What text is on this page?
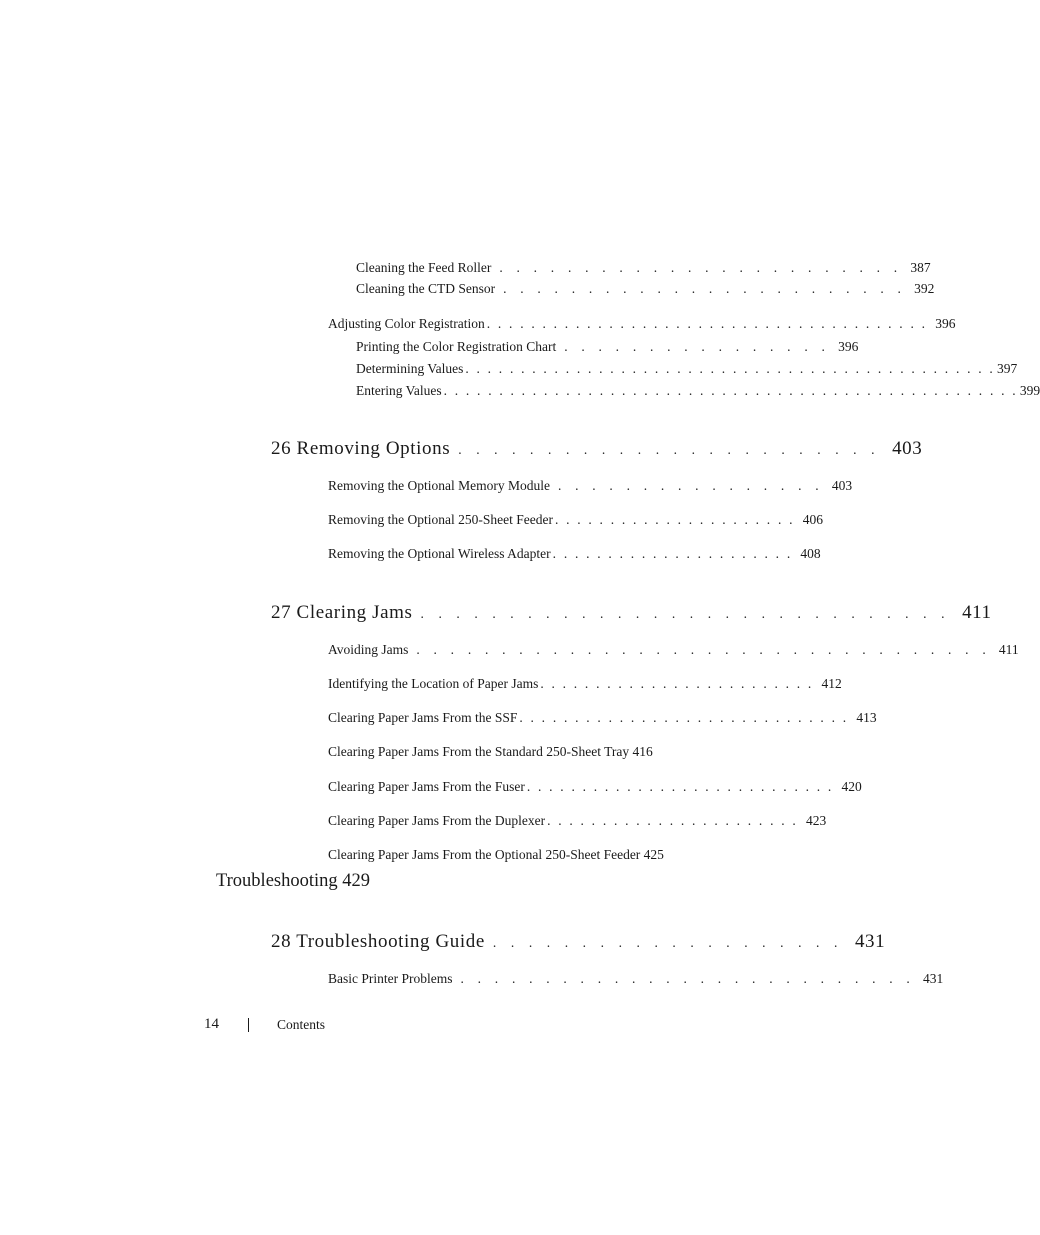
Cleaning the Feed Roller . . . . . . . . . . . . . . . . . . . . . . . . 387
Cleaning the CTD Sensor . . . . . . . . . . . . . . . . . . . . . . . . 392
Adjusting Color Registration . . . . . . . . . . . . . . . . . . . . . . . . . . . . . . . . . . . . . . . . 396
Printing the Color Registration Chart . . . . . . . . . . . . . . . . 396
Determining Values . . . . . . . . . . . . . . . . . . . . . . . . . . . . . . . . . . . . . . . . . . . . . . . . 397
Entering Values . . . . . . . . . . . . . . . . . . . . . . . . . . . . . . . . . . . . . . . . . . . . . . . . . . . . 399
26 Removing Options . . . . . . . . . . . . . . . . . . . . . . . . 403
Removing the Optional Memory Module . . . . . . . . . . . . . . . . 403
Removing the Optional 250-Sheet Feeder . . . . . . . . . . . . . . . . . . . . . . 406
Removing the Optional Wireless Adapter . . . . . . . . . . . . . . . . . . . . . . 408
27 Clearing Jams . . . . . . . . . . . . . . . . . . . . . . . . . . . . . . 411
Avoiding Jams . . . . . . . . . . . . . . . . . . . . . . . . . . . . . . . . . . 411
Identifying the Location of Paper Jams . . . . . . . . . . . . . . . . . . . . . . . . . 412
Clearing Paper Jams From the SSF . . . . . . . . . . . . . . . . . . . . . . . . . . . . . . 413
Clearing Paper Jams From the Standard 250-Sheet Tray 416
Clearing Paper Jams From the Fuser . . . . . . . . . . . . . . . . . . . . . . . . . . . . 420
Clearing Paper Jams From the Duplexer . . . . . . . . . . . . . . . . . . . . . . . 423
Clearing Paper Jams From the Optional 250-Sheet Feeder 425
Troubleshooting 429
28 Troubleshooting Guide . . . . . . . . . . . . . . . . . . . . 431
Basic Printer Problems . . . . . . . . . . . . . . . . . . . . . . . . . . . 431
14	Contents
